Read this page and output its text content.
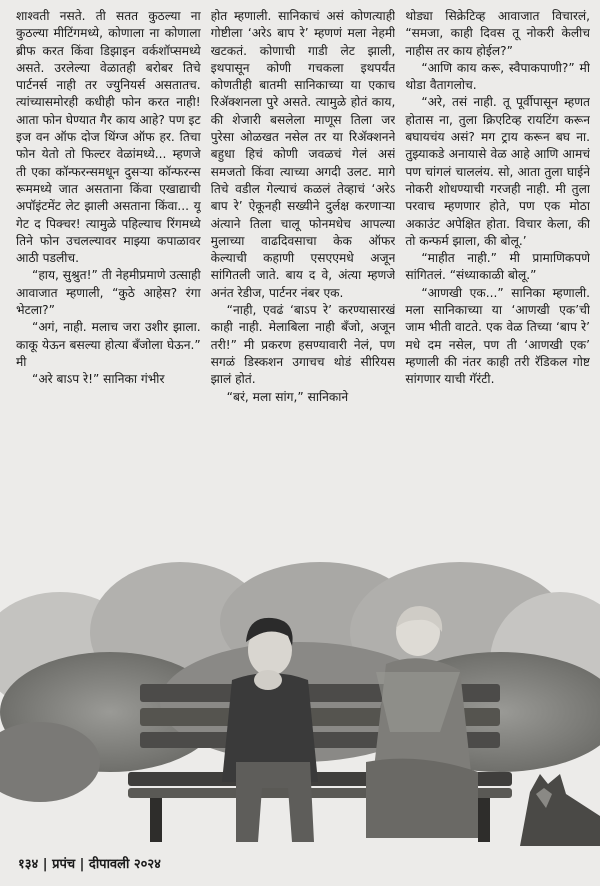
शाश्वती नसते. ती सतत कुठल्या ना कुठल्या मीटिंगमध्ये, कोणाला ना कोणाला ब्रीफ करत किंवा डिझाइन वर्कशॉप्समध्ये असते. उरलेल्या वेळातही बरोबर तिचे पार्टनर्स नाही तर ज्युनियर्स असतातच. त्यांच्यासमोरही कधीही फोन करत नाही! आता फोन घेण्यात गैर काय आहे? पण इट इज वन ऑफ दोज थिंग्ज ऑफ हर. तिचा फोन येतो तो फिल्टर वेळांमध्ये... म्हणजे ती एका कॉन्फरन्समधून दुसऱ्या कॉन्फरन्स रूममध्ये जात असताना किंवा एखाद्याची अपॉइंटमेंट लेट झाली असताना किंवा... यू गेट द पिक्चर! त्यामुळे पहिल्याच रिंगमध्ये तिने फोन उचलल्यावर माझ्या कपाळावर आठी पडलीच.

“हाय, सुश्रुत!” ती नेहमीप्रमाणे उत्साही आवाजात म्हणाली, “कुठे आहेस? रंगा भेटला?”

“अगं, नाही. मलाच जरा उशीर झाला. काकू येऊन बसल्या होत्या बँजोला घेऊन.” मी

“अरे बाऽप रे!” सानिका गंभीर

होत म्हणाली. सानिकाचं असं कोणत्याही गोष्टीला ‘अरेऽ बाप रे’ म्हणणं मला नेहमी खटकतं. कोणाची गाडी लेट झाली, इथपासून कोणी गचकला इथपर्यंत कोणतीही बातमी सानिकाच्या या एकाच रिॲक्शनला पुरे असते. त्यामुळे होतं काय, की शेजारी बसलेला माणूस तिला जर पुरेसा ओळखत नसेल तर या रिॲक्शनने बहुधा हिचं कोणी जवळचं गेलं असं समजतो किंवा त्याच्या अगदी उलट. मागे तिचे वडील गेल्याचं कळलं तेव्हाचं ‘अरेऽ बाप रे’ ऐकूनही सख्यीने दुर्लक्ष करणाऱ्या अंत्याने तिला चालू फोनमधेच आपल्या मुलाच्या वाढदिवसाचा केक ऑफर केल्याची कहाणी एसएएमधे अजून सांगितली जाते. बाय द वे, अंत्या म्हणजे अनंत रेडीज, पार्टनर नंबर एक.

“नाही, एवढं ‘बाऽप रे’ करण्यासारखं काही नाही. मेलाबिला नाही बँजो, अजून तरी!” मी प्रकरण हसण्यावारी नेलं, पण सगळं डिस्कशन उगाचच थोडं सीरियस झालं होतं.

“बरं, मला सांग,” सानिकाने

थोड्या सिक्रेटिव्ह आवाजात विचारलं, “समजा, काही दिवस तू नोकरी केलीच नाहीस तर काय होईल?”

“आणि काय करू, स्वैपाकपाणी?” मी थोडा वैतागलोच.

“अरे, तसं नाही. तू पूर्वीपासून म्हणत होतास ना, तुला क्रिएटिव्ह रायटिंग करून बघायचंय असं? मग ट्राय करून बघ ना. तुझ्याकडे अनायासे वेळ आहे आणि आमचं पण चांगलं चाललंय. सो, आता तुला घाईने नोकरी शोधण्याची गरजही नाही. मी तुला परवाच म्हणणार होते, पण एक मोठा अकाउंट अपेक्षित होता. विचार केला, की तो कन्फर्म झाला, की बोलू.’

“माहीत नाही.” मी प्रामाणिकपणे सांगितलं. “संध्याकाळी बोलू.”

“आणखी एक...” सानिका म्हणाली. मला सानिकाच्या या ‘आणखी एक’ची जाम भीती वाटते. एक वेळ तिच्या ‘बाप रे’ मधे दम नसेल, पण ती ‘आणखी एक’ म्हणाली की नंतर काही तरी रॅडिकल गोष्ट सांगणार याची गॅरंटी.

१३४ | प्रपंच | दीपावली २०२४
